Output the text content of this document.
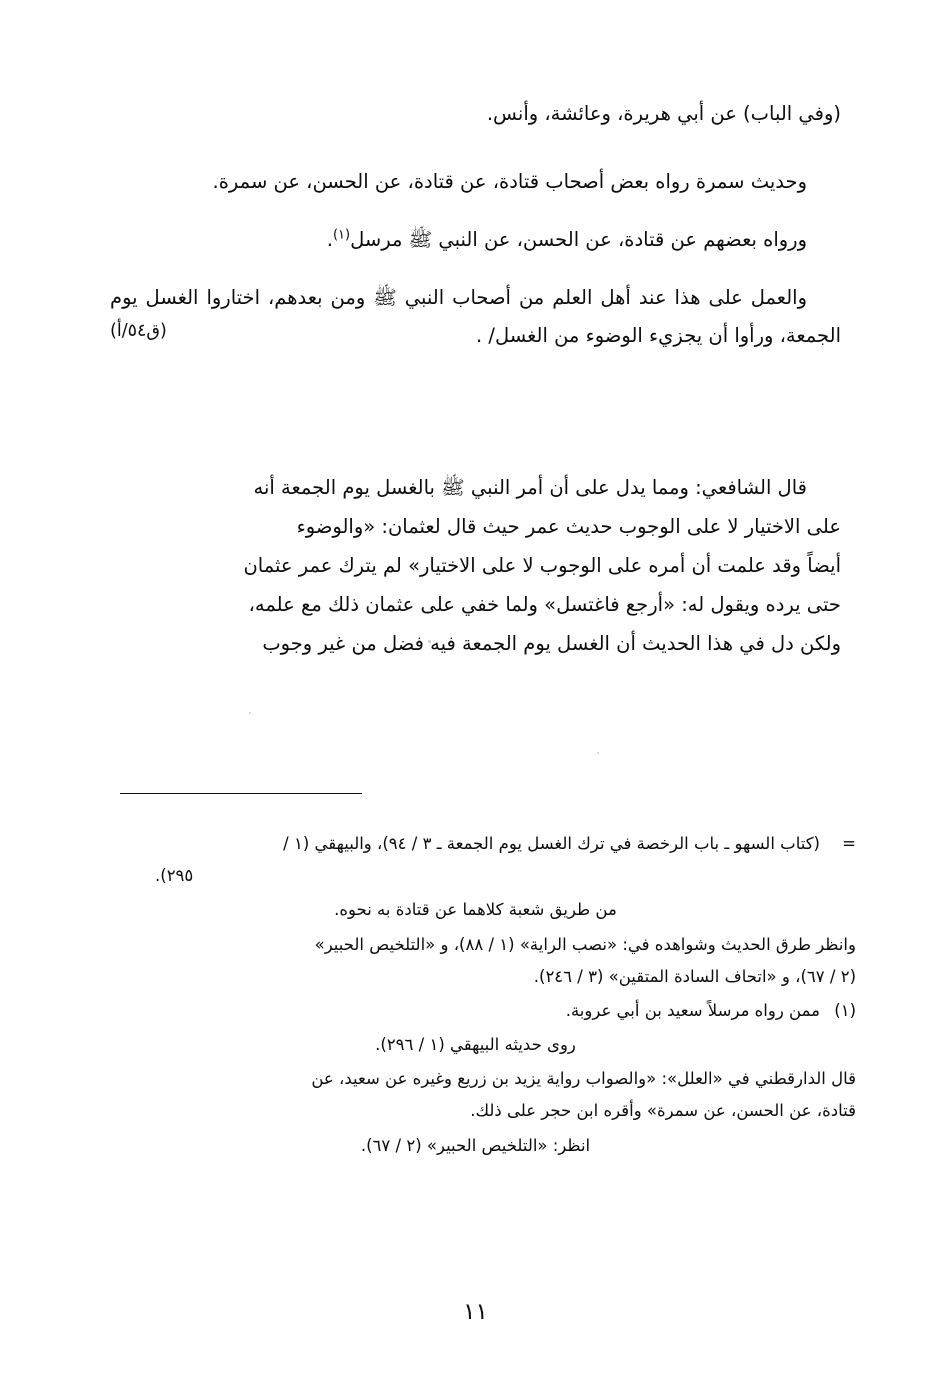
(وفي الباب) عن أبي هريرة، وعائشة، وأنس.

وحديث سمرة رواه بعض أصحاب قتادة، عن قتادة، عن الحسن، عن سمرة.

ورواه بعضهم عن قتادة، عن الحسن، عن النبي ﷺ مرسل$^{(١)}$.

والعمل على هذا عند أهل العلم من أصحاب النبي ﷺ ومن بعدهم، اختاروا الغسل يوم الجمعة، ورأوا أن يجزيء الوضوء من الغسل/ .

(ق٥٤/أ)
قال الشافعي: ومما يدل على أن أمر النبي ﷺ بالغسل يوم الجمعة أنه
على الاختيار لا على الوجوب حديث عمر حيث قال لعثمان: «والوضوء
أيضاً وقد علمت أن أمره على الوجوب لا على الاختيار» لم يترك عمر عثمان
حتى يرده ويقول له: «أرجع فاغتسل» ولما خفي على عثمان ذلك مع علمه،
ولكن دل في هذا الحديث أن الغسل يوم الجمعة فيه فضل من غير وجوب
=
(كتاب السهو ـ باب الرخصة في ترك الغسل يوم الجمعة ـ ٣ / ٩٤)، والبيهقي (١ /
٢٩٥).
من طريق شعبة كلاهما عن قتادة به نحوه.
وانظر طرق الحديث وشواهده في: «نصب الراية» (١ / ٨٨)، و «التلخيص الحبير»
(٢ / ٦٧)، و «اتحاف السادة المتقين» (٣ / ٢٤٦).
(١)
ممن رواه مرسلاً سعيد بن أبي عروبة.
روى حديثه البيهقي (١ / ٢٩٦).
قال الدارقطني في «العلل»: «والصواب رواية يزيد بن زريع وغيره عن سعيد، عن
قتادة، عن الحسن، عن سمرة» وأقره ابن حجر على ذلك.
انظر: «التلخيص الحبير» (٢ / ٦٧).
١١
